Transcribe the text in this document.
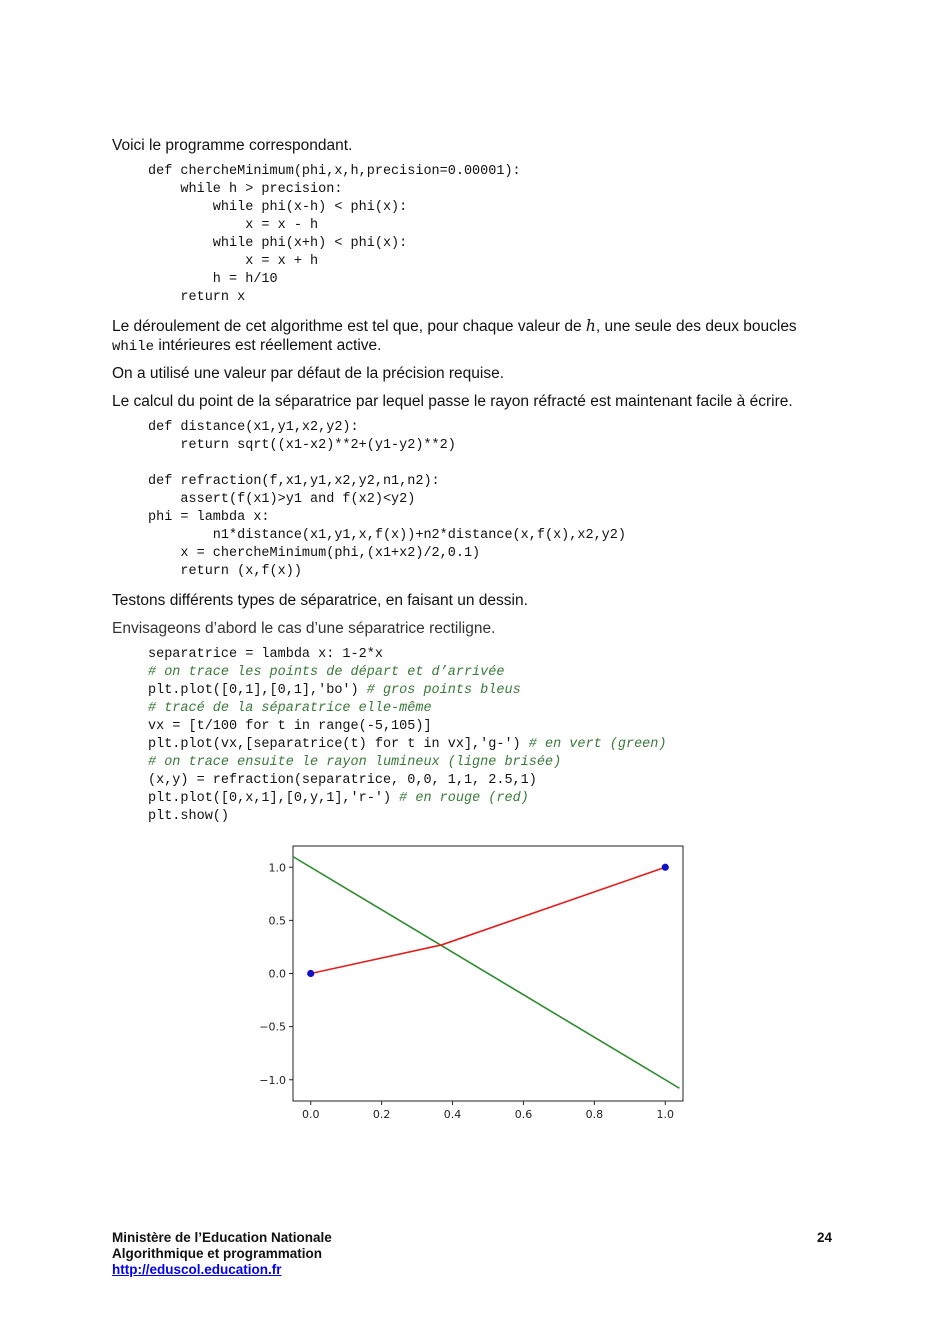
Voici le programme correspondant.
def chercheMinimum(phi,x,h,precision=0.00001):
while h > precision:
while phi(x-h) < phi(x):
x = x - h
while phi(x+h) < phi(x):
x = x + h
h = h/10
return x
Le déroulement de cet algorithme est tel que, pour chaque valeur de h, une seule des deux boucles
while intérieures est réellement active.
On a utilisé une valeur par défaut de la précision requise.
Le calcul du point de la séparatrice par lequel passe le rayon réfracté est maintenant facile à écrire.
def distance(x1,y1,x2,y2):
return sqrt((x1-x2)**2+(y1-y2)**2)
def refraction(f,x1,y1,x2,y2,n1,n2):
assert(f(x1)>y1 and f(x2)<y2)
phi = lambda x:
n1*distance(x1,y1,x,f(x))+n2*distance(x,f(x),x2,y2)
x = chercheMinimum(phi,(x1+x2)/2,0.1)
return (x,f(x))
Testons différents types de séparatrice, en faisant un dessin.
Envisageons d’abord le cas d’une séparatrice rectiligne.
separatrice = lambda x: 1-2*x
# on trace les points de départ et d’arrivée
plt.plot([0,1],[0,1],'bo') # gros points bleus
# tracé de la séparatrice elle-même
vx = [t/100 for t in range(-5,105)]
plt.plot(vx,[separatrice(t) for t in vx],'g-') # en vert (green)
# on trace ensuite le rayon lumineux (ligne brisée)
(x,y) = refraction(separatrice, 0,0, 1,1, 2.5,1)
plt.plot([0,x,1],[0,y,1],'r-') # en rouge (red)
plt.show()
0.0	0.2	0.4	0.6	0.8	1.0
1.0
0.5
0.0
−0.5
−1.0
Ministère de l’Education Nationale
Algorithmique et programmation
http://eduscol.education.fr
24
